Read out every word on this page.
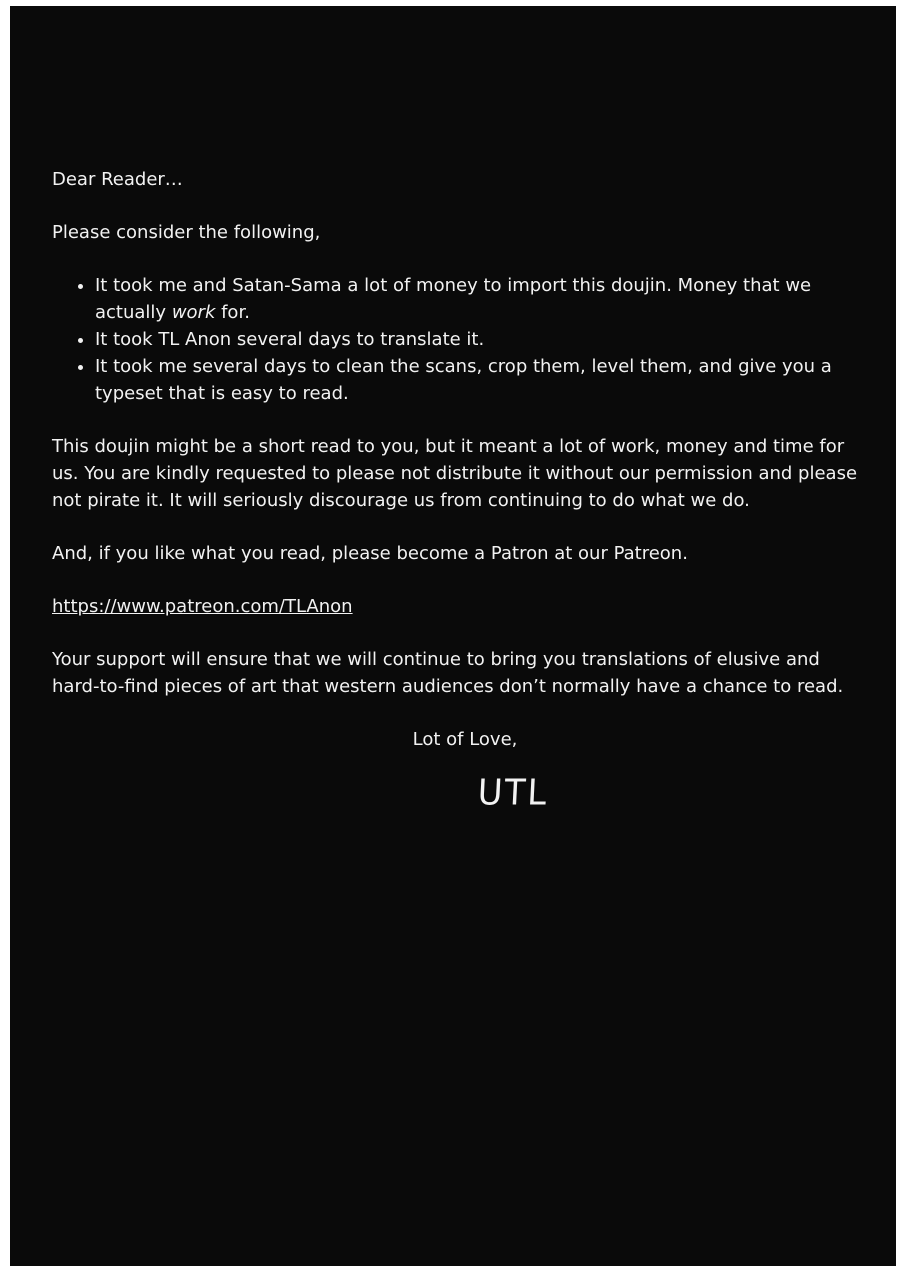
Dear Reader…

Please consider the following,

• It took me and Satan-Sama a lot of money to import this doujin. Money that we actually work for.
• It took TL Anon several days to translate it.
• It took me several days to clean the scans, crop them, level them, and give you a typeset that is easy to read.

This doujin might be a short read to you, but it meant a lot of work, money and time for us. You are kindly requested to please not distribute it without our permission and please not pirate it. It will seriously discourage us from continuing to do what we do.

And, if you like what you read, please become a Patron at our Patreon.

https://www.patreon.com/TLAnon

Your support will ensure that we will continue to bring you translations of elusive and hard-to-find pieces of art that western audiences don’t normally have a chance to read.

Lot of Love,

UTL
